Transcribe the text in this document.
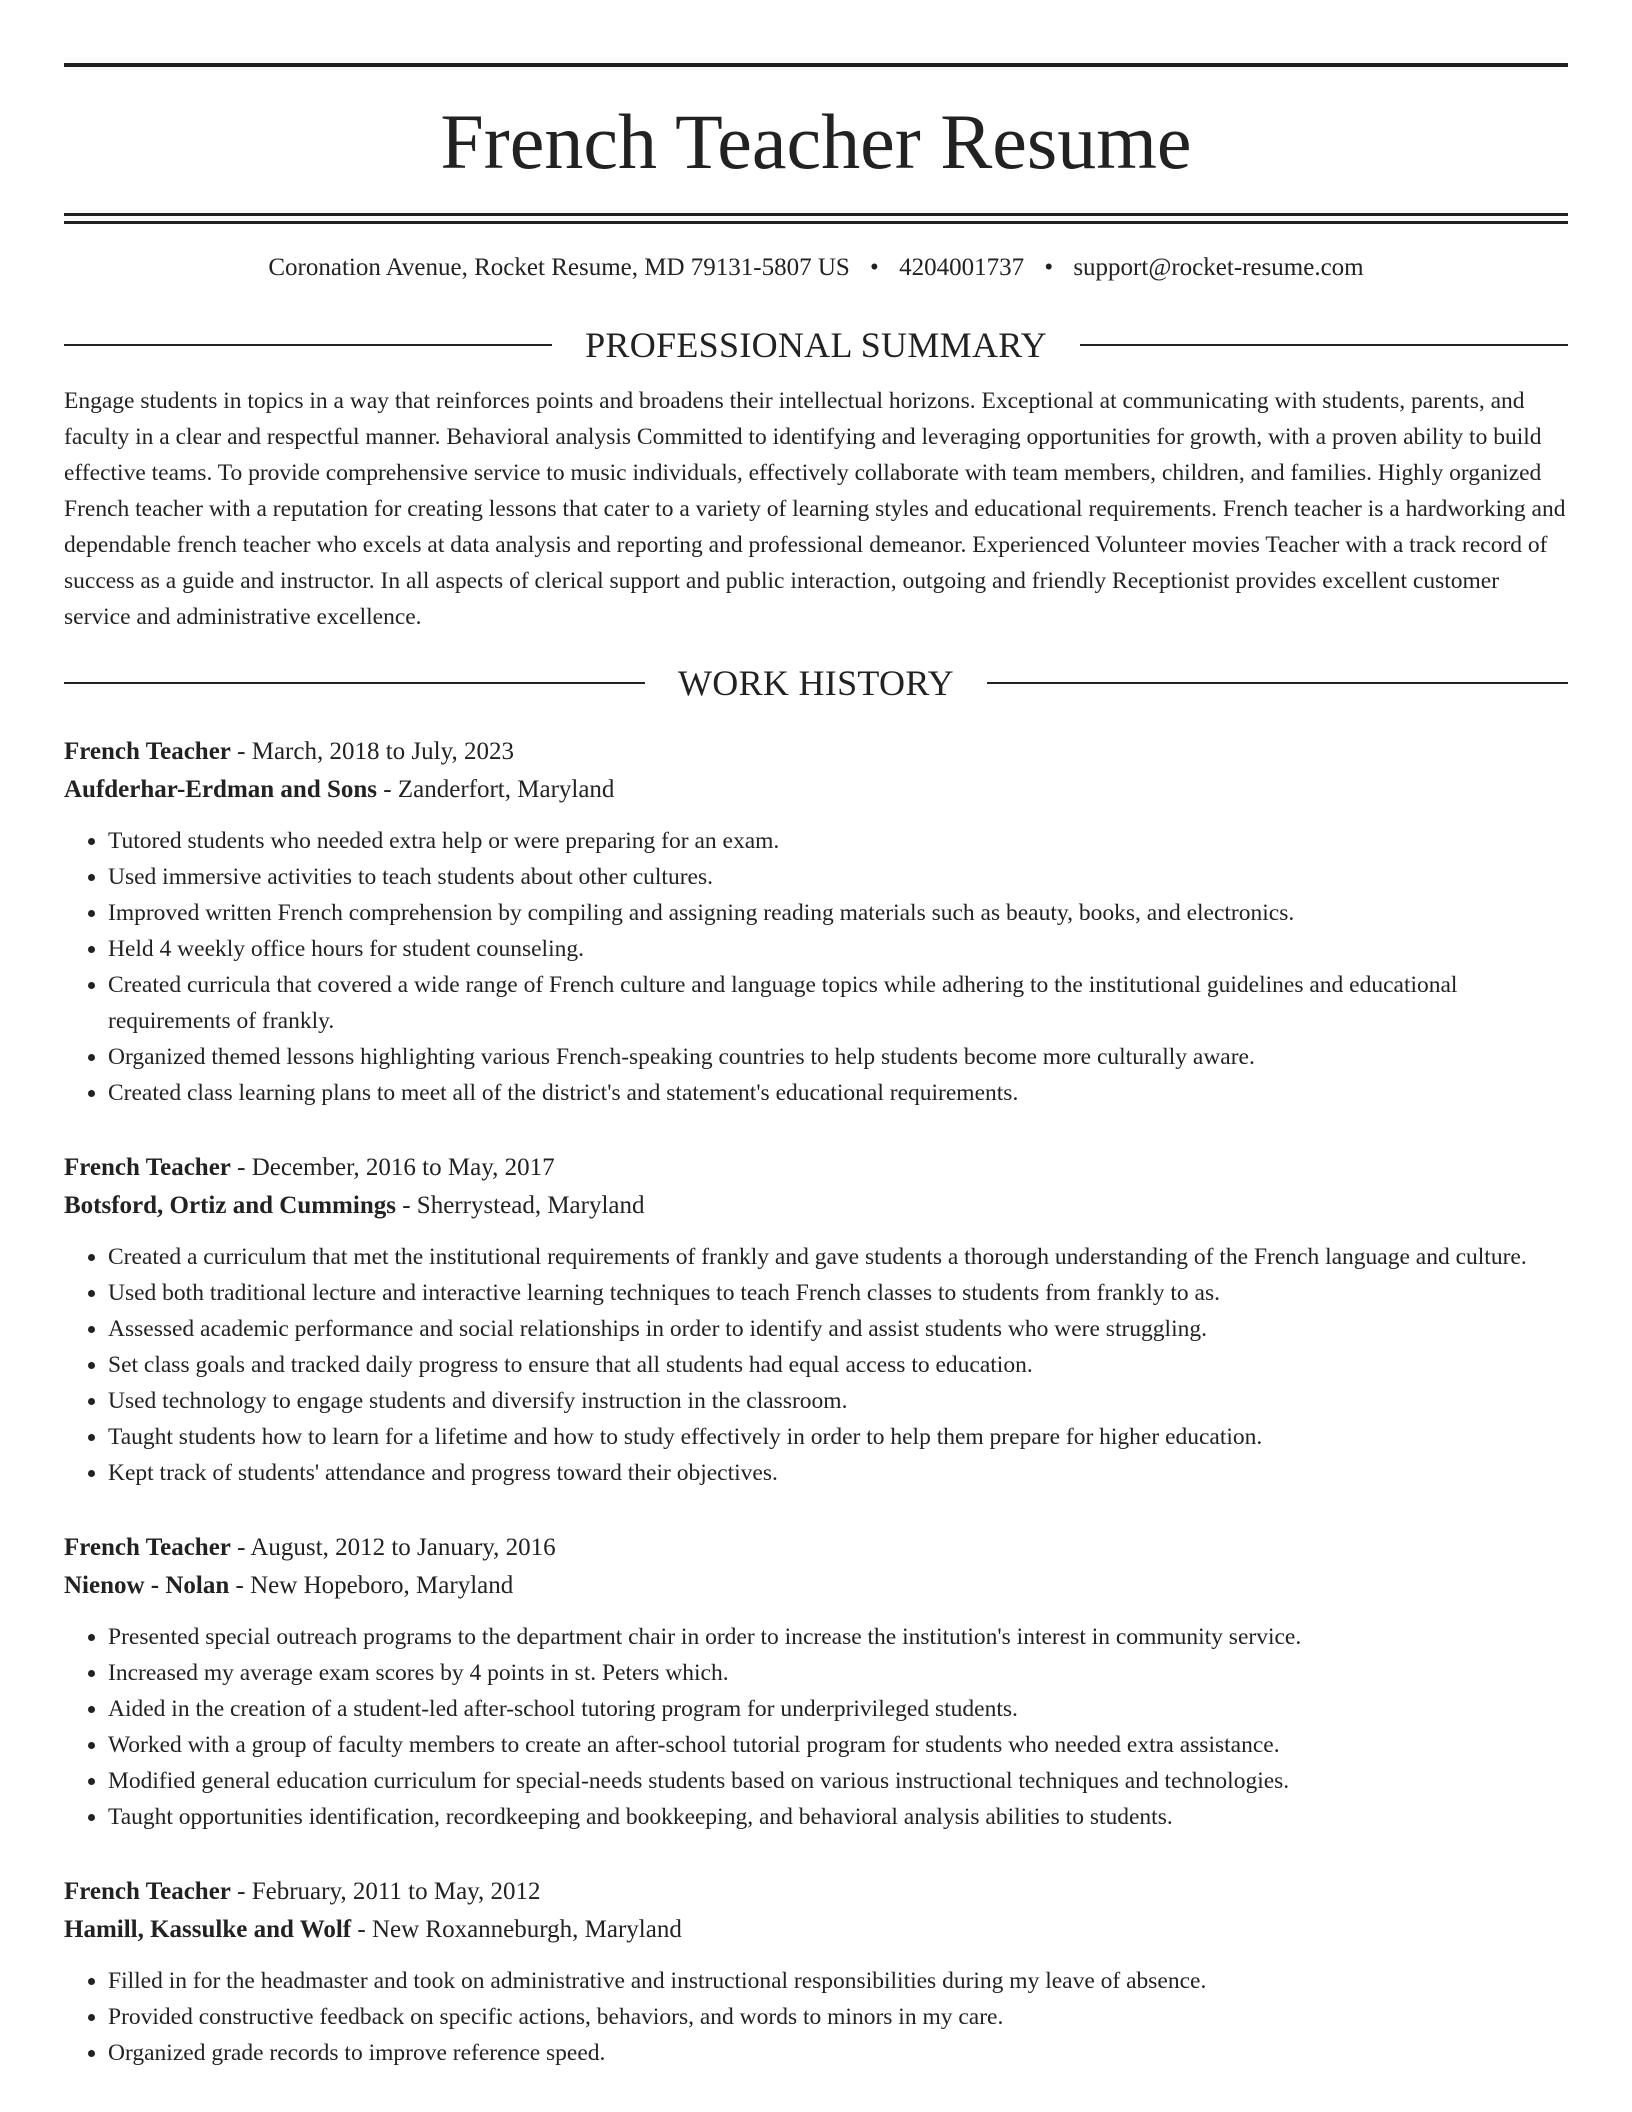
French Teacher Resume
Coronation Avenue, Rocket Resume, MD 79131-5807 US • 4204001737 • support@rocket-resume.com
PROFESSIONAL SUMMARY

Engage students in topics in a way that reinforces points and broadens their intellectual horizons. Exceptional at communicating with students, parents, and faculty in a clear and respectful manner. Behavioral analysis Committed to identifying and leveraging opportunities for growth, with a proven ability to build effective teams. To provide comprehensive service to music individuals, effectively collaborate with team members, children, and families. Highly organized French teacher with a reputation for creating lessons that cater to a variety of learning styles and educational requirements. French teacher is a hardworking and dependable french teacher who excels at data analysis and reporting and professional demeanor. Experienced Volunteer movies Teacher with a track record of success as a guide and instructor. In all aspects of clerical support and public interaction, outgoing and friendly Receptionist provides excellent customer service and administrative excellence.

WORK HISTORY
French Teacher - March, 2018 to July, 2023
Aufderhar-Erdman and Sons - Zanderfort, Maryland
• Tutored students who needed extra help or were preparing for an exam.
• Used immersive activities to teach students about other cultures.
• Improved written French comprehension by compiling and assigning reading materials such as beauty, books, and electronics.
• Held 4 weekly office hours for student counseling.
• Created curricula that covered a wide range of French culture and language topics while adhering to the institutional guidelines and educational requirements of frankly.
• Organized themed lessons highlighting various French-speaking countries to help students become more culturally aware.
• Created class learning plans to meet all of the district's and statement's educational requirements.
French Teacher - December, 2016 to May, 2017
Botsford, Ortiz and Cummings - Sherrystead, Maryland
• Created a curriculum that met the institutional requirements of frankly and gave students a thorough understanding of the French language and culture.
• Used both traditional lecture and interactive learning techniques to teach French classes to students from frankly to as.
• Assessed academic performance and social relationships in order to identify and assist students who were struggling.
• Set class goals and tracked daily progress to ensure that all students had equal access to education.
• Used technology to engage students and diversify instruction in the classroom.
• Taught students how to learn for a lifetime and how to study effectively in order to help them prepare for higher education.
• Kept track of students' attendance and progress toward their objectives.
French Teacher - August, 2012 to January, 2016
Nienow - Nolan - New Hopeboro, Maryland
• Presented special outreach programs to the department chair in order to increase the institution's interest in community service.
• Increased my average exam scores by 4 points in st. Peters which.
• Aided in the creation of a student-led after-school tutoring program for underprivileged students.
• Worked with a group of faculty members to create an after-school tutorial program for students who needed extra assistance.
• Modified general education curriculum for special-needs students based on various instructional techniques and technologies.
• Taught opportunities identification, recordkeeping and bookkeeping, and behavioral analysis abilities to students.
French Teacher - February, 2011 to May, 2012
Hamill, Kassulke and Wolf - New Roxanneburgh, Maryland
• Filled in for the headmaster and took on administrative and instructional responsibilities during my leave of absence.
• Provided constructive feedback on specific actions, behaviors, and words to minors in my care.
• Organized grade records to improve reference speed.
